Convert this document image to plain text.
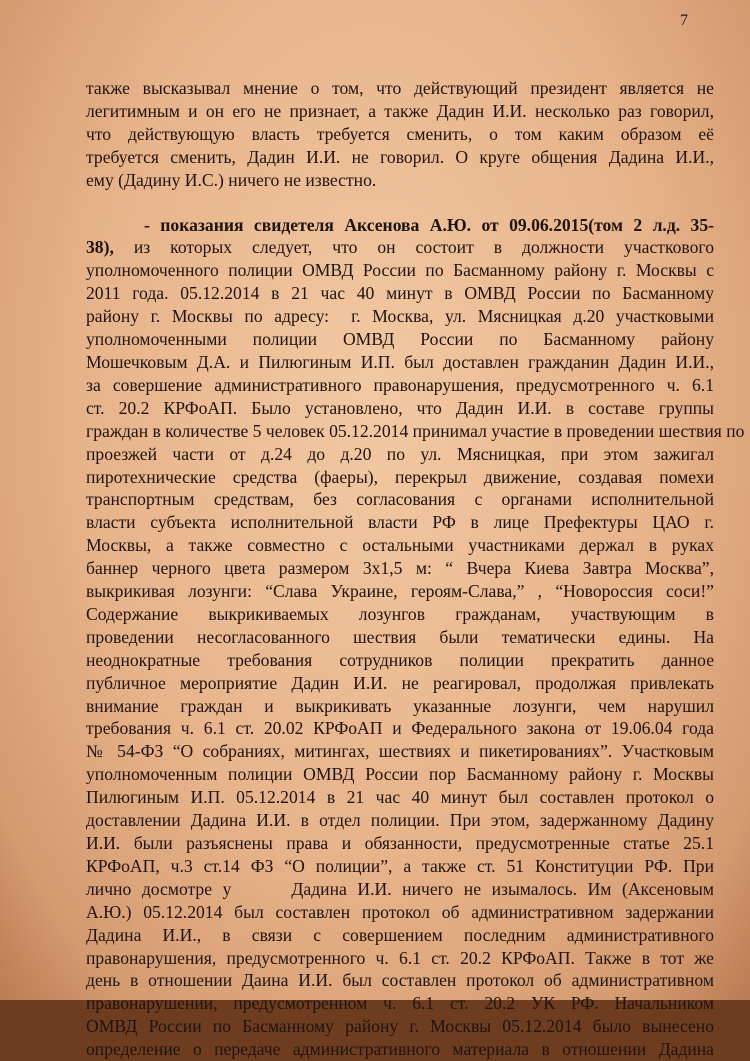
7
также высказывал мнение о том, что действующий президент является не
легитимным и он его не признает, а также Дадин И.И. несколько раз говорил,
что действующую власть требуется сменить, о том каким образом её
требуется сменить, Дадин И.И. не говорил. О круге общения Дадина И.И.,
ему (Дадину И.С.) ничего не известно.
- показания свидетеля Аксенова А.Ю. от 09.06.2015(том 2 л.д. 35-
38), из которых следует, что он состоит в должности участкового
уполномоченного полиции ОМВД России по Басманному району г. Москвы с
2011 года. 05.12.2014 в 21 час 40 минут в ОМВД России по Басманному
району г. Москвы по адресу: г. Москва, ул. Мясницкая д.20 участковыми
уполномоченными полиции ОМВД России по Басманному району
Мошечковым Д.А. и Пилюгиным И.П. был доставлен гражданин Дадин И.И.,
за совершение административного правонарушения, предусмотренного ч. 6.1
ст. 20.2 КРФоАП. Было установлено, что Дадин И.И. в составе группы
граждан в количестве 5 человек 05.12.2014 принимал участие в проведении шествия по
проезжей части от д.24 до д.20 по ул. Мясницкая, при этом зажигал
пиротехнические средства (фаеры), перекрыл движение, создавая помехи
транспортным средствам, без согласования с органами исполнительной
власти субъекта исполнительной власти РФ в лице Префектуры ЦАО г.
Москвы, а также совместно с остальными участниками держал в руках
баннер черного цвета размером 3х1,5 м: “ Вчера Киева Завтра Москва”,
выкрикивая лозунги: “Слава Украине, героям-Слава,” , “Новороссия соси!”
Содержание выкрикиваемых лозунгов гражданам, участвующим в
проведении несогласованного шествия были тематически едины. На
неоднократные требования сотрудников полиции прекратить данное
публичное мероприятие Дадин И.И. не реагировал, продолжая привлекать
внимание граждан и выкрикивать указанные лозунги, чем нарушил
требования ч. 6.1 ст. 20.02 КРФоАП и Федерального закона от 19.06.04 года
№ 54-ФЗ “О собраниях, митингах, шествиях и пикетированиях”. Участковым
уполномоченным полиции ОМВД России пор Басманному району г. Москвы
Пилюгиным И.П. 05.12.2014 в 21 час 40 минут был составлен протокол о
доставлении Дадина И.И. в отдел полиции. При этом, задержанному Дадину
И.И. были разъяснены права и обязанности, предусмотренные статье 25.1
КРФоАП, ч.3 ст.14 ФЗ “О полиции”, а также ст. 51 Конституции РФ. При
лично досмотре у	Дадина И.И. ничего не изымалось. Им (Аксеновым
А.Ю.) 05.12.2014 был составлен протокол об административном задержании
Дадина И.И., в связи с совершением последним административного
правонарушения, предусмотренного ч. 6.1 ст. 20.2 КРФоАП. Также в тот же
день в отношении Даина И.И. был составлен протокол об административном
правонарушении, предусмотренном ч. 6.1 ст. 20.2 УК РФ. Начальником
ОМВД России по Басманному району г. Москвы 05.12.2014 было вынесено
определение о передаче административного материала в отношении Дадина
